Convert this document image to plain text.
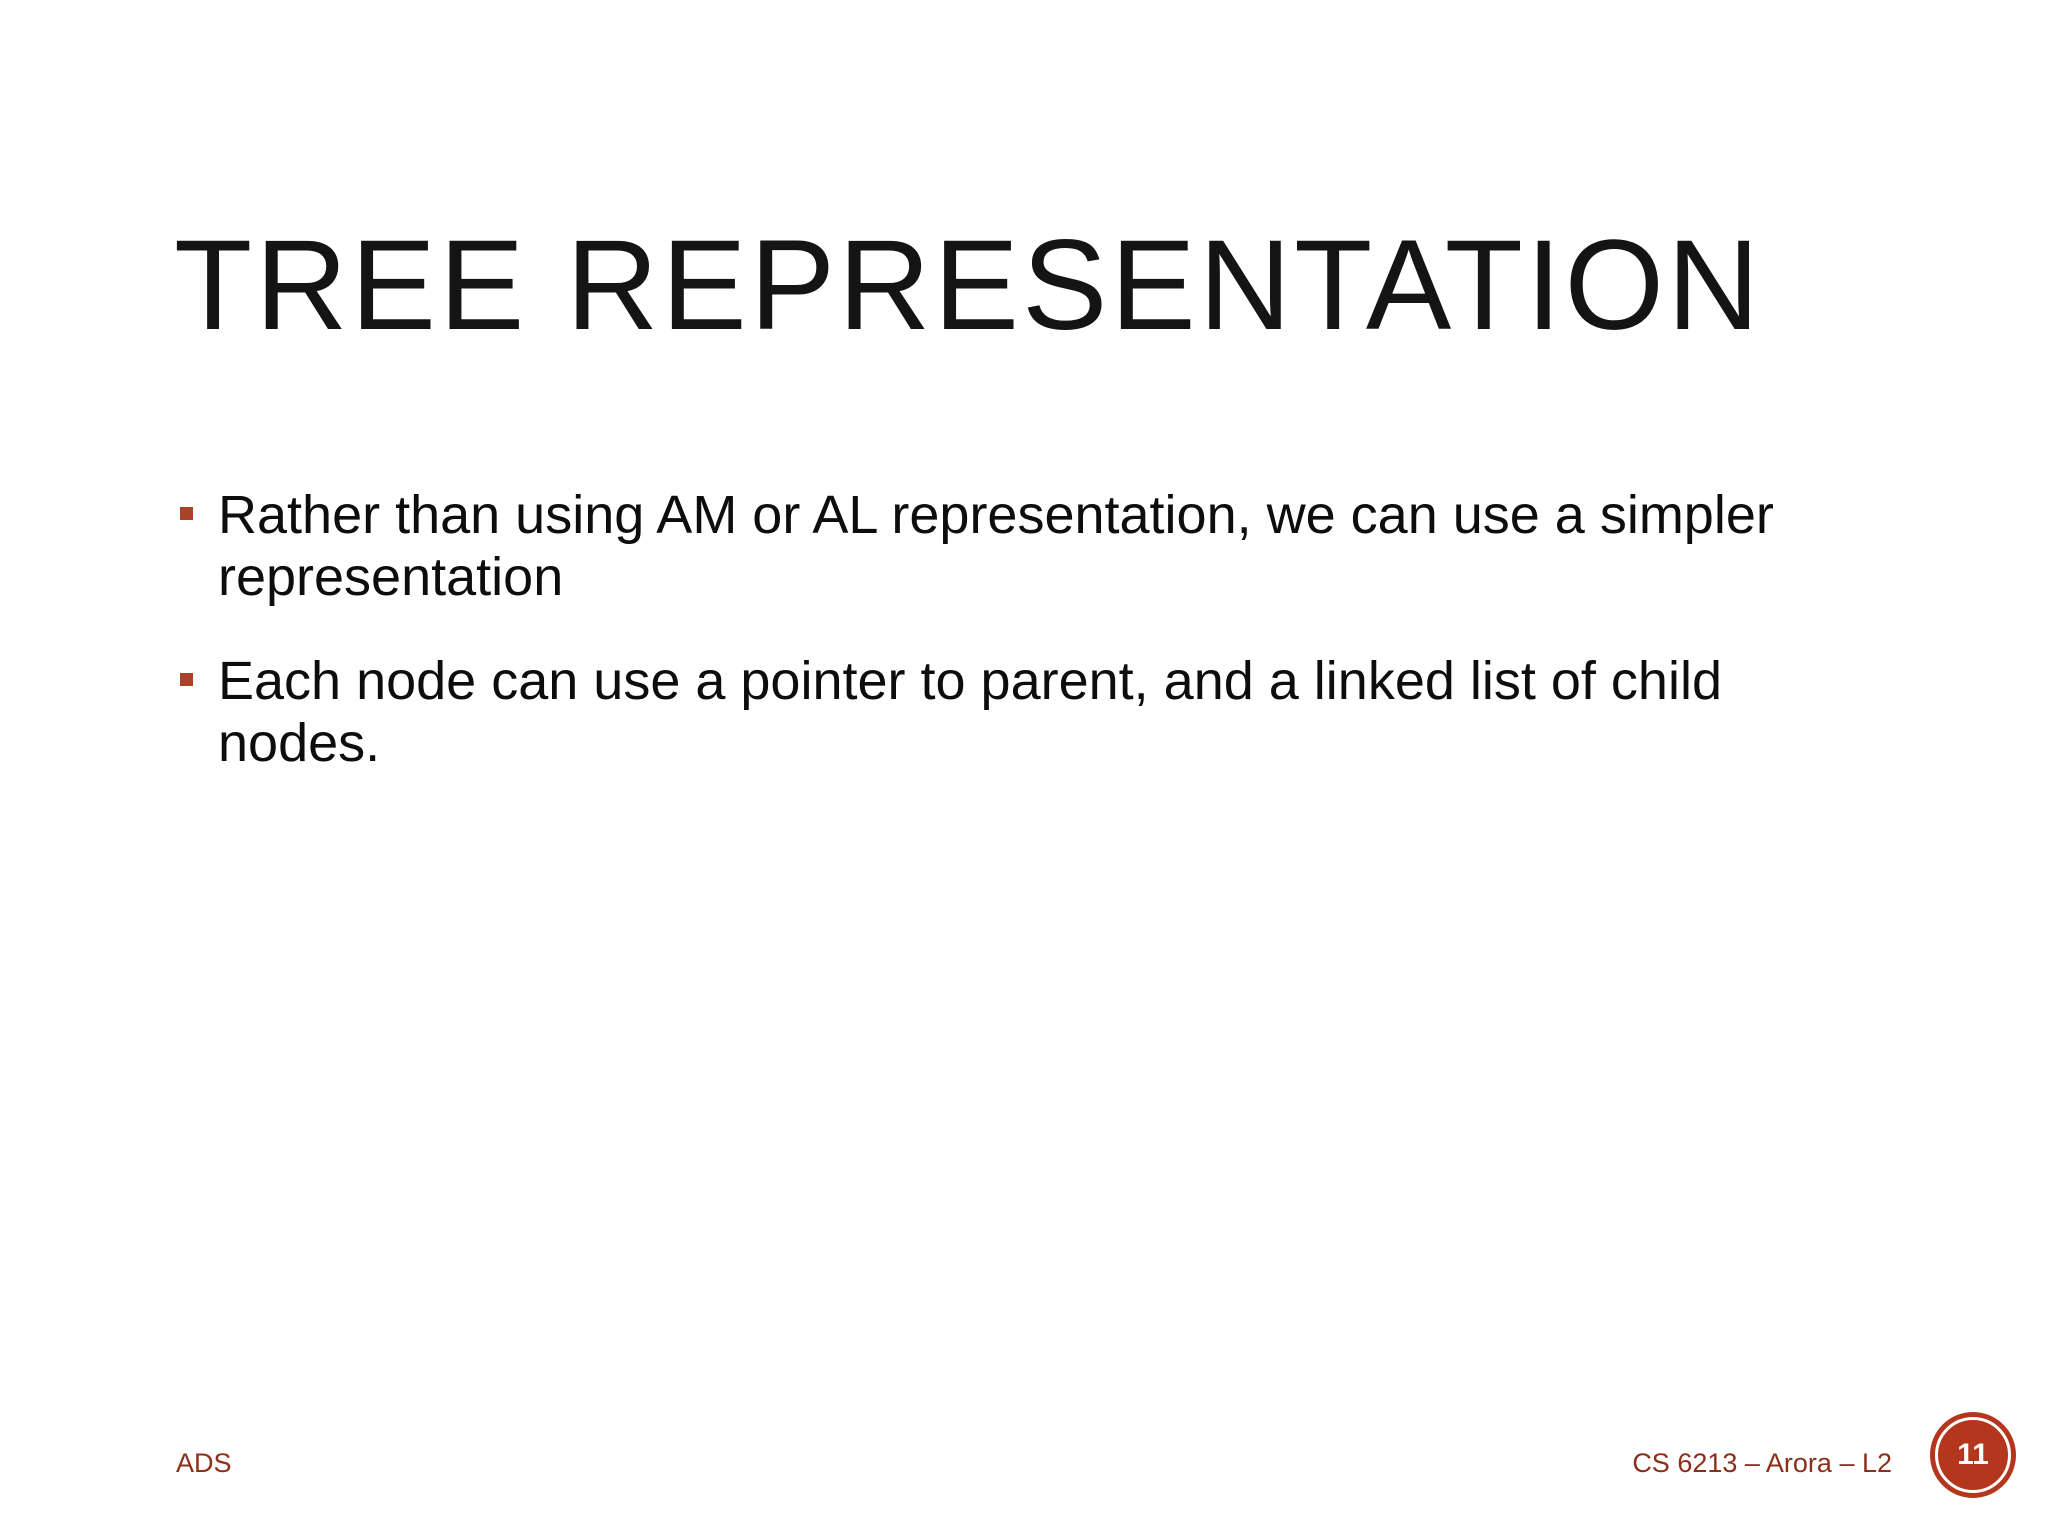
TREE REPRESENTATION
Rather than using AM or AL representation, we can use a simpler representation
Each node can use a pointer to parent, and a linked list of child nodes.
ADS	CS 6213 – Arora – L2	11
